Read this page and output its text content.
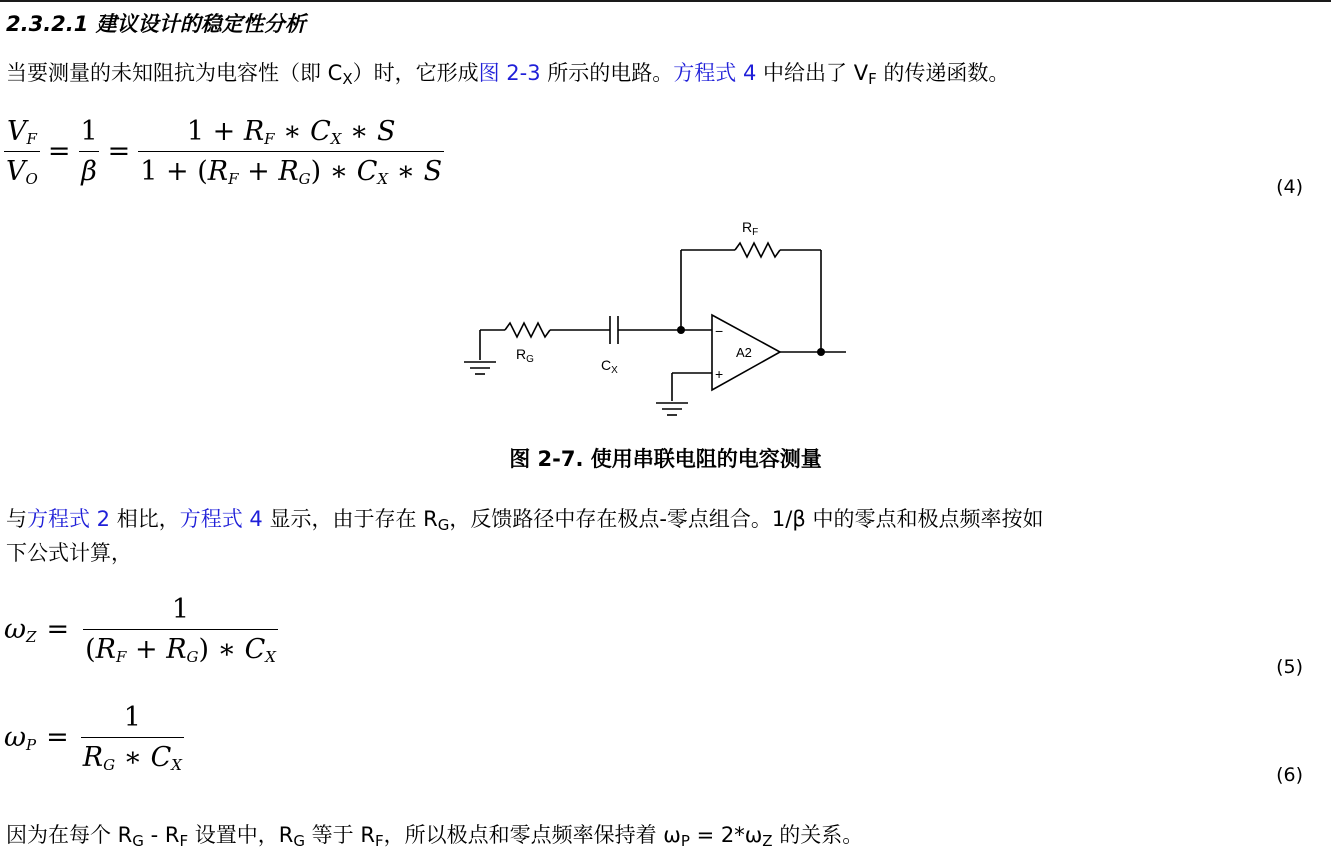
2.3.2.1 建议设计的稳定性分析
当要测量的未知阻抗为电容性（即 $C_X$）时，它形成图 2-3 所示的电路。方程式 4 中给出了 $V_F$ 的传递函数。
$\frac{V_F}{V_O} = \frac{1}{\beta} = \frac{1 + R_F ∗ C_X ∗ S}{1 + (R_F + R_G) ∗ C_X ∗ S}$	(4)
$R_F$
$R_G$	$C_X$
A2
−
+
图 2-7. 使用串联电阻的电容测量
与方程式 2 相比，方程式 4 显示，由于存在 $R_G$，反馈路径中存在极点-零点组合。1/β 中的零点和极点频率按如
下公式计算，
$\omega_Z = \frac{1}{(R_F + R_G) ∗ C_X}$
(5)
$\omega_P = \frac{1}{R_G ∗ C_X}$
(6)
因为在每个 $R_G - R_F$ 设置中，$R_G$ 等于 $R_F$，所以极点和零点频率保持着 $\omega_P = 2*\omega_Z$ 的关系。
